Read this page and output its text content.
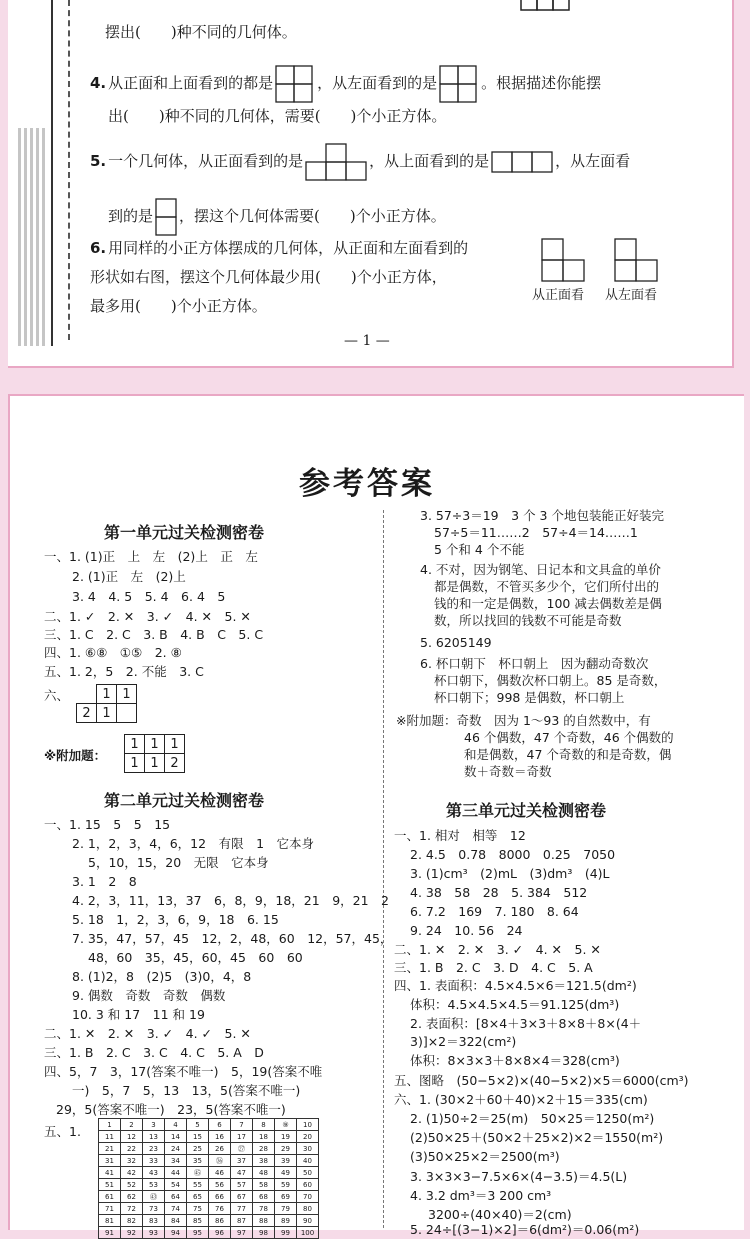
摆出(　　)种不同的几何体。
4. 从正面和上面看到的都是	，从左面看到的是	。根据描述你能摆
出(　　)种不同的几何体，需要(　　)个小正方体。
5. 一个几何体，从正面看到的是	，从上面看到的是	，从左面看
到的是 ，摆这个几何体需要(　　)个小正方体。
6. 用同样的小正方体摆成的几何体，从正面和左面看到的
形状如右图，摆这个几何体最少用(　　)个小正方体，
最多用(　　)个小正方体。
从正面看 从左面看
— 1 —
参考答案
第一单元过关检测密卷
一、1. (1)正　上　左　(2)上　正　左
2. (1)正　左　(2)上
3. 4　4. 5　5. 4　6. 4　5
二、1. ✓　2. ✕　3. ✓　4. ✕　5. ✕
三、1. C　2. C　3. B　4. B　C　5. C
四、1. ⑥⑧　①⑤　2. ⑧
五、1. 2，5　2. 不能　3. C
六、
		1	1
2	1	
※附加题：
1	1	1
1	1	2
第二单元过关检测密卷
一、1. 15　5　5　15
2. 1，2，3，4，6，12　有限　1　它本身
5，10，15，20　无限　它本身
3. 1　2　8
4. 2，3，11，13，37　6，8，9，18，21　9，21　2
5. 18　1，2，3，6，9，18　6. 15
7. 35，47，57，45　12，2，48，60　12，57，45，
48，60　35，45，60，45　60　60
8. (1)2，8　(2)5　(3)0，4，8
9. 偶数　奇数　奇数　偶数
10. 3 和 17　11 和 19
二、1. ✕　2. ✕　3. ✓　4. ✓　5. ✕
三、1. B　2. C　3. C　4. C　5. A　D
四、5，7　3，17(答案不唯一)　5，19(答案不唯
一)　5，7　5，13　13，5(答案不唯一)
29，5(答案不唯一)　23，5(答案不唯一)
五、1.	1	2	3	4	5	6	7	8	⑨	10
11	12	13	14	15	16	17	18	19	20
21	22	23	24	25	26	㉗	28	29	30
31	32	33	34	35	㊱	37	38	39	40
41	42	43	44	㊺	46	47	48	49	50
51	52	53	54	55	56	57	58	59	60
61	62	㊸	64	65	66	67	68	69	70
71	72	73	74	75	76	77	78	79	80
81	82	83	84	85	86	87	88	89	90
91	92	93	94	95	96	97	98	99	100
3. 57÷3＝19　3 个 3 个地包装能正好装完
57÷5＝11……2　57÷4＝14……1
5 个和 4 个不能
4. 不对，因为钢笔、日记本和文具盒的单价
都是偶数，不管买多少个，它们所付出的
钱的和一定是偶数，100 减去偶数差是偶
数，所以找回的钱数不可能是奇数
5. 6205149
6. 杯口朝下　杯口朝上　因为翻动奇数次
杯口朝下，偶数次杯口朝上。85 是奇数，
杯口朝下；998 是偶数，杯口朝上
※附加题：奇数　因为 1～93 的自然数中，有
46 个偶数，47 个奇数，46 个偶数的
和是偶数，47 个奇数的和是奇数，偶
数＋奇数＝奇数
第三单元过关检测密卷
一、1. 相对　相等　12
2. 4.5　0.78　8000　0.25　7050
3. (1)cm³　(2)mL　(3)dm³　(4)L
4. 38　58　28　5. 384　512
6. 7.2　169　7. 180　8. 64
9. 24　10. 56　24
二、1. ✕　2. ✕　3. ✓　4. ✕　5. ✕
三、1. B　2. C　3. D　4. C　5. A
四、1. 表面积：4.5×4.5×6＝121.5(dm²)
体积：4.5×4.5×4.5＝91.125(dm³)
2. 表面积：[8×4＋3×3＋8×8＋8×(4＋
3)]×2＝322(cm²)
体积：8×3×3＋8×8×4＝328(cm³)
五、图略　(50−5×2)×(40−5×2)×5＝6000(cm³)
六、1. (30×2＋60＋40)×2＋15＝335(cm)
2. (1)50÷2＝25(m)　50×25＝1250(m²)
(2)50×25＋(50×2＋25×2)×2＝1550(m²)
(3)50×25×2＝2500(m³)
3. 3×3×3−7.5×6×(4−3.5)＝4.5(L)
4. 3.2 dm³＝3 200 cm³
3200÷(40×40)＝2(cm)
5. 24÷[(3−1)×2]＝6(dm²)＝0.06(m²)
